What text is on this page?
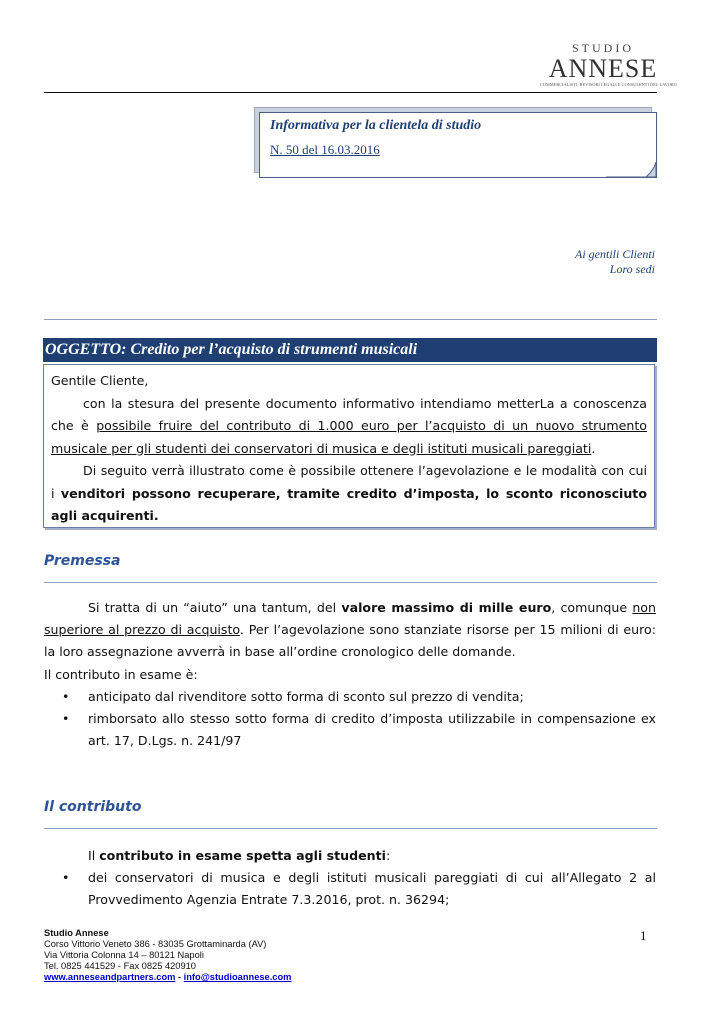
STUDIO
ANNESE
COMMERCIALISTI, REVISORI LEGALI E CONSULENTI DEL LAVORO
Informativa per la clientela di studio
N. 50 del 16.03.2016
Ai gentili Clienti
Loro sedi
OGGETTO: Credito per l’acquisto di strumenti musicali

Gentile Cliente,

con la stesura del presente documento informativo intendiamo metterLa a conoscenza che è possibile fruire del contributo di 1.000 euro per l’acquisto di un nuovo strumento musicale per gli studenti dei conservatori di musica e degli istituti musicali pareggiati.

Di seguito verrà illustrato come è possibile ottenere l’agevolazione e le modalità con cui i venditori possono recuperare, tramite credito d’imposta, lo sconto riconosciuto agli acquirenti.

Premessa

Si tratta di un “aiuto” una tantum, del valore massimo di mille euro, comunque non superiore al prezzo di acquisto. Per l’agevolazione sono stanziate risorse per 15 milioni di euro: la loro assegnazione avverrà in base all’ordine cronologico delle domande.

Il contributo in esame è:

• anticipato dal rivenditore sotto forma di sconto sul prezzo di vendita;
• rimborsato allo stesso sotto forma di credito d’imposta utilizzabile in compensazione ex art. 17, D.Lgs. n. 241/97
Il contributo

Il contributo in esame spetta agli studenti:

• dei conservatori di musica e degli istituti musicali pareggiati di cui all’Allegato 2 al Provvedimento Agenzia Entrate 7.3.2016, prot. n. 36294;
Studio Annese
Corso Vittorio Veneto 386 - 83035 Grottaminarda (AV)
Via Vittoria Colonna 14 – 80121 Napoli
Tel. 0825 441529 - Fax 0825 420910
www.anneseandpartners.com - info@studioannese.com
1
